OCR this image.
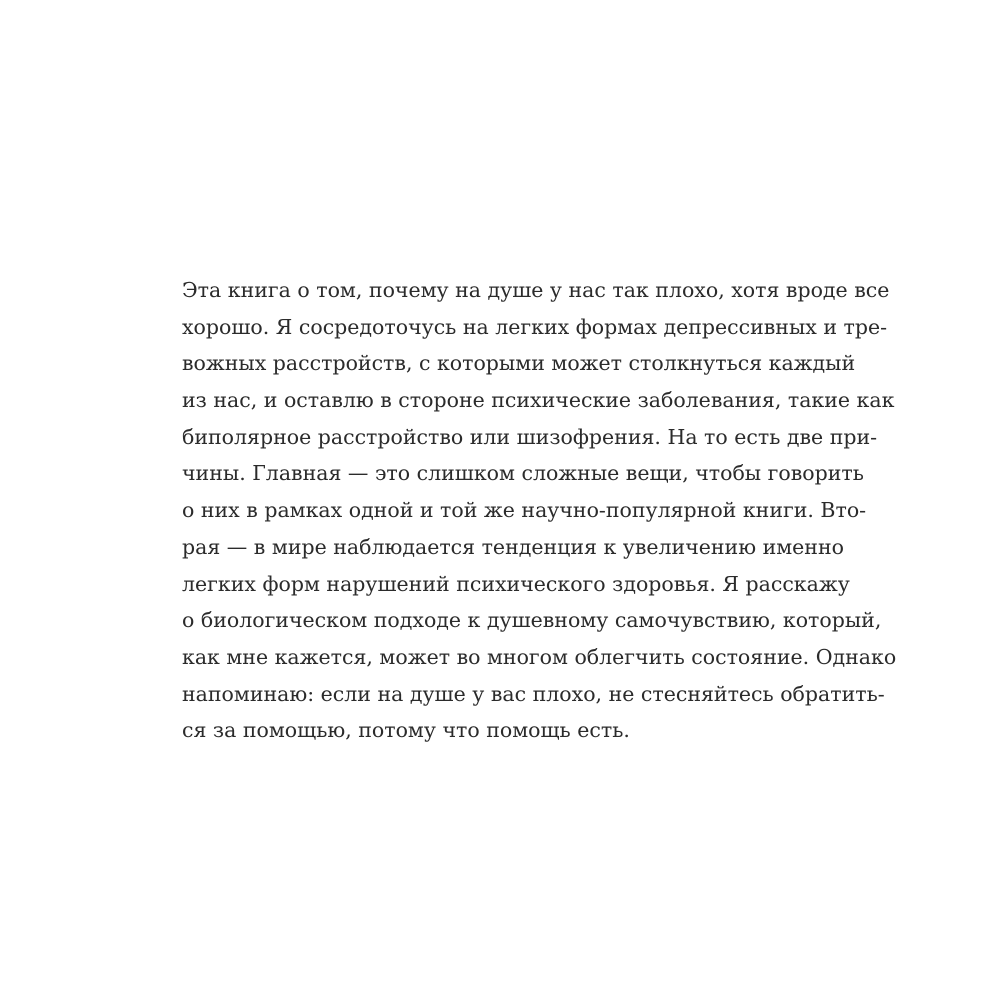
Эта книга о том, почему на душе у нас так плохо, хотя вроде все
хорошо. Я сосредоточусь на легких формах депрессивных и тре-
вожных расстройств, с которыми может столкнуться каждый
из нас, и оставлю в стороне психические заболевания, такие как
биполярное расстройство или шизофрения. На то есть две при-
чины. Главная — это слишком сложные вещи, чтобы говорить
о них в рамках одной и той же научно-популярной книги. Вто-
рая — в мире наблюдается тенденция к увеличению именно
легких форм нарушений психического здоровья. Я расскажу
о биологическом подходе к душевному самочувствию, который,
как мне кажется, может во многом облегчить состояние. Однако
напоминаю: если на душе у вас плохо, не стесняйтесь обратить-
ся за помощью, потому что помощь есть.
